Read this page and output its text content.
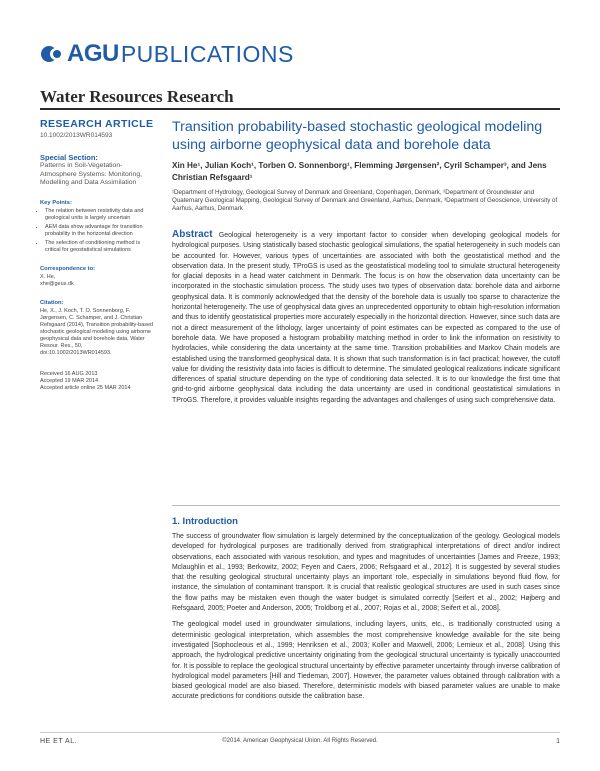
AGU PUBLICATIONS
Water Resources Research
RESEARCH ARTICLE
10.1002/2013WR014593
Special Section:
Patterns in Soil-Vegetation-Atmosphere Systems: Monitoring, Modelling and Data Assimilation
Key Points:
• The relation between resistivity data and geological units is largely uncertain
• AEM data show advantage for transition probability in the horizontal direction
• The selection of conditioning method is critical for geostatistical simulations
Correspondence to:
X. He,
xhe@geus.dk
Citation:
He, X., J. Koch, T. O. Sonnenborg, F. Jørgensen, C. Schamper, and J. Christian Refsgaard (2014), Transition probability-based stochastic geological modeling using airborne geophysical data and borehole data, Water Resour. Res., 50, doi:10.1002/2013WR014593.
Received 16 AUG 2013
Accepted 19 MAR 2014
Accepted article online 25 MAR 2014
Transition probability-based stochastic geological modeling using airborne geophysical data and borehole data
Xin He¹, Julian Koch¹, Torben O. Sonnenborg¹, Flemming Jørgensen², Cyril Schamper³, and Jens Christian Refsgaard¹
¹Department of Hydrology, Geological Survey of Denmark and Greenland, Copenhagen, Denmark, ²Department of Groundwater and Quaternary Geological Mapping, Geological Survey of Denmark and Greenland, Aarhus, Denmark, ³Department of Geoscience, University of Aarhus, Aarhus, Denmark
Abstract Geological heterogeneity is a very important factor to consider when developing geological models for hydrological purposes. Using statistically based stochastic geological simulations, the spatial heterogeneity in such models can be accounted for. However, various types of uncertainties are associated with both the geostatistical method and the observation data. In the present study, TProGS is used as the geostatistical modeling tool to simulate structural heterogeneity for glacial deposits in a head water catchment in Denmark. The focus is on how the observation data uncertainty can be incorporated in the stochastic simulation process. The study uses two types of observation data: borehole data and airborne geophysical data. It is commonly acknowledged that the density of the borehole data is usually too sparse to characterize the horizontal heterogeneity. The use of geophysical data gives an unprecedented opportunity to obtain high-resolution information and thus to identify geostatistical properties more accurately especially in the horizontal direction. However, since such data are not a direct measurement of the lithology, larger uncertainty of point estimates can be expected as compared to the use of borehole data. We have proposed a histogram probability matching method in order to link the information on resistivity to hydrofacies, while considering the data uncertainty at the same time. Transition probabilities and Markov Chain models are established using the transformed geophysical data. It is shown that such transformation is in fact practical; however, the cutoff value for dividing the resistivity data into facies is difficult to determine. The simulated geological realizations indicate significant differences of spatial structure depending on the type of conditioning data selected. It is to our knowledge the first time that grid-to-grid airborne geophysical data including the data uncertainty are used in conditional geostatistical simulations in TProGS. Therefore, it provides valuable insights regarding the advantages and challenges of using such comprehensive data.
1. Introduction

The success of groundwater flow simulation is largely determined by the conceptualization of the geology. Geological models developed for hydrological purposes are traditionally derived from stratigraphical interpretations of direct and/or indirect observations, each associated with various resolution, and types and magnitudes of uncertainties [James and Freeze, 1993; Mclaughlin et al., 1993; Berkowitz, 2002; Feyen and Caers, 2006; Refsgaard et al., 2012]. It is suggested by several studies that the resulting geological structural uncertainty plays an important role, especially in simulations beyond fluid flow, for instance, the simulation of contaminant transport. It is crucial that realistic geological structures are used in such cases since the flow paths may be mistaken even though the water budget is simulated correctly [Seifert et al., 2002; Højberg and Refsgaard, 2005; Poeter and Anderson, 2005; Troldborg et al., 2007; Rojas et al., 2008; Seifert et al., 2008].

The geological model used in groundwater simulations, including layers, units, etc., is traditionally constructed using a deterministic geological interpretation, which assembles the most comprehensive knowledge available for the site being investigated [Sophocleous et al., 1999; Henriksen et al., 2003; Koller and Maxwell, 2006; Lemieux et al., 2008]. Using this approach, the hydrological predictive uncertainty originating from the geological structural uncertainty is typically unaccounted for. It is possible to replace the geological structural uncertainty by effective parameter uncertainty through inverse calibration of hydrological model parameters [Hill and Tiedeman, 2007]. However, the parameter values obtained through calibration with a biased geological model are also biased. Therefore, deterministic models with biased parameter values are unable to make accurate predictions for conditions outside the calibration base.

HE ET AL.	©2014. American Geophysical Union. All Rights Reserved.	1
